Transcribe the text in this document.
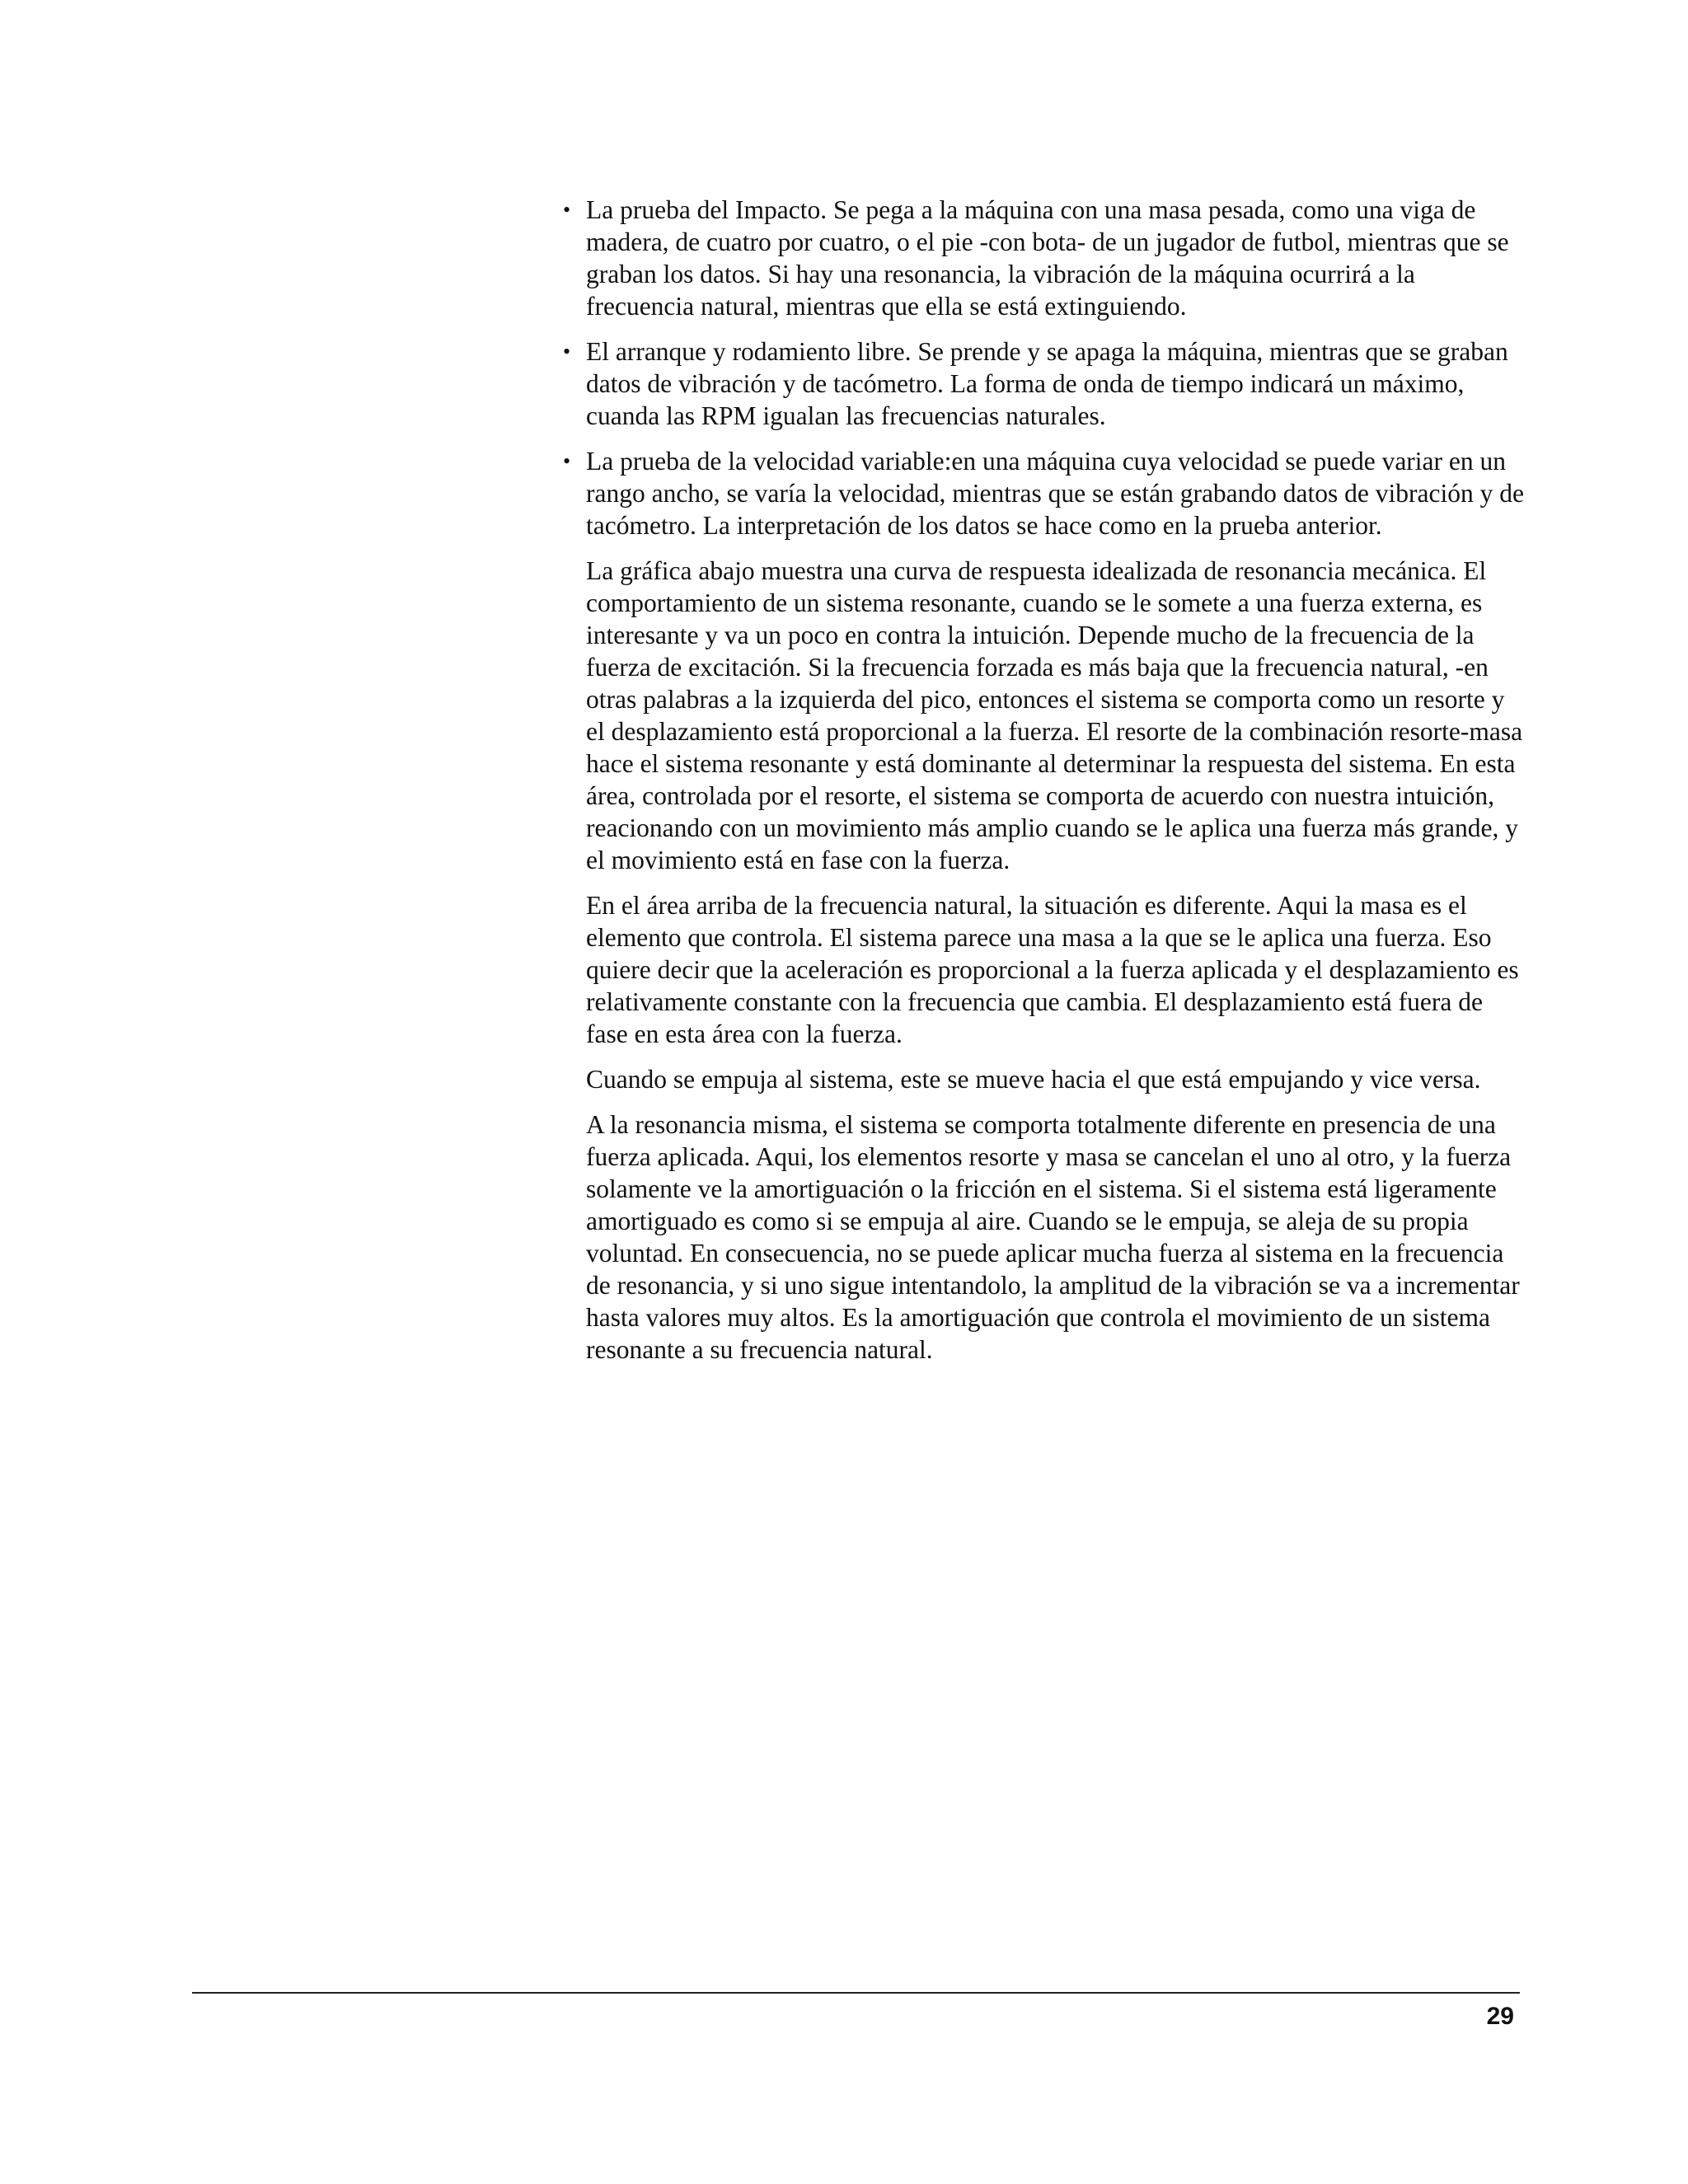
• La prueba del Impacto. Se pega a la máquina con una masa pesada, como una viga de madera, de cuatro por cuatro, o el pie -con bota- de un jugador de futbol, mientras que se graban los datos. Si hay una resonancia, la vibración de la máquina ocurrirá a la frecuencia natural, mientras que ella se está extinguiendo.

• El arranque y rodamiento libre. Se prende y se apaga la máquina, mientras que se graban datos de vibración y de tacómetro. La forma de onda de tiempo indicará un máximo, cuanda las RPM igualan las frecuencias naturales.

• La prueba de la velocidad variable:en una máquina cuya velocidad se puede variar en un rango ancho, se varía la velocidad, mientras que se están grabando datos de vibración y de tacómetro. La interpretación de los datos se hace como en la prueba anterior.

La gráfica abajo muestra una curva de respuesta idealizada de resonancia mecánica. El comportamiento de un sistema resonante, cuando se le somete a una fuerza externa, es interesante y va un poco en contra la intuición. Depende mucho de la frecuencia de la fuerza de excitación. Si la frecuencia forzada es más baja que la frecuencia natural, -en otras palabras a la izquierda del pico, entonces el sistema se comporta como un resorte y el desplazamiento está proporcional a la fuerza. El resorte de la combinación resorte-masa hace el sistema resonante y está dominante al determinar la respuesta del sistema. En esta área, controlada por el resorte, el sistema se comporta de acuerdo con nuestra intuición, reacionando con un movimiento más amplio cuando se le aplica una fuerza más grande, y el movimiento está en fase con la fuerza.

En el área arriba de la frecuencia natural, la situación es diferente. Aqui la masa es el elemento que controla. El sistema parece una masa a la que se le aplica una fuerza. Eso quiere decir que la aceleración es proporcional a la fuerza aplicada y el desplazamiento es relativamente constante con la frecuencia que cambia. El desplazamiento está fuera de fase en esta área con la fuerza.

Cuando se empuja al sistema, este se mueve hacia el que está empujando y vice versa.

A la resonancia misma, el sistema se comporta totalmente diferente en presencia de una fuerza aplicada. Aqui, los elementos resorte y masa se cancelan el uno al otro, y la fuerza solamente ve la amortiguación o la fricción en el sistema. Si el sistema está ligeramente amortiguado es como si se empuja al aire. Cuando se le empuja, se aleja de su propia voluntad. En consecuencia, no se puede aplicar mucha fuerza al sistema en la frecuencia de resonancia, y si uno sigue intentandolo, la amplitud de la vibración se va a incrementar hasta valores muy altos. Es la amortiguación que controla el movimiento de un sistema resonante a su frecuencia natural.

29
